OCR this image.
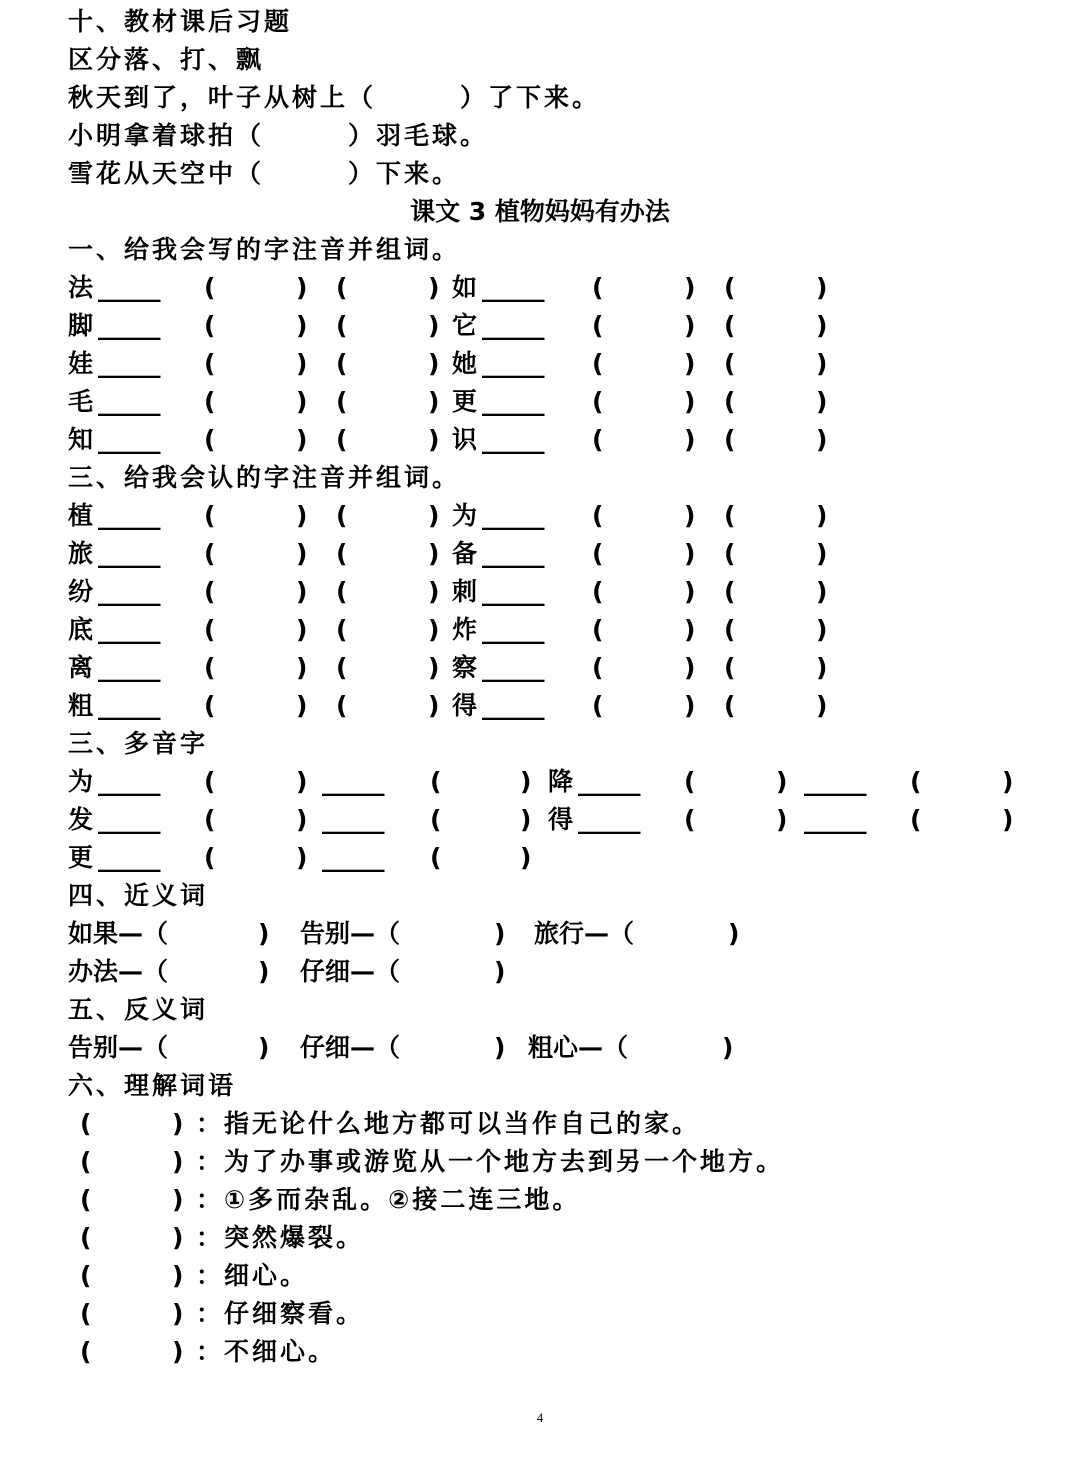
十、教材课后习题
区分落、打、飘
秋天到了，叶子从树上（　　　）了下来。
小明拿着球拍（　　　）羽毛球。
雪花从天空中（　　　）下来。
课文 3 植物妈妈有办法
一、给我会写的字注音并组词。
法 _____ (	) (	) 如 _____ (	) (	)
脚 _____ (	) (	) 它 _____ (	) (	)
娃 _____ (	) (	) 她 _____ (	) (	)
毛 _____ (	) (	) 更 _____ (	) (	)
知 _____ (	) (	) 识 _____ (	) (	)
三、给我会认的字注音并组词。
植 _____ (	) (	) 为 _____ (	) (	)
旅 _____ (	) (	) 备 _____ (	) (	)
纷 _____ (	) (	) 刺 _____ (	) (	)
底 _____ (	) (	) 炸 _____ (	) (	)
离 _____ (	) (	) 察 _____ (	) (	)
粗 _____ (	) (	) 得 _____ (	) (	)
三、多音字
为 _____ (	) _____ (	) 降 _____ (	) _____ (	)
发 _____ (	) _____ (	) 得 _____ (	) _____ (	)
更 _____ (	) _____ (	)
四、近义词
如果—（	) 告别—（	) 旅行—（	)
办法—（	) 仔细—（	)
五、反义词
告别—（	) 仔细—（	) 粗心—（	)
六、理解词语
(	) ： 指无论什么地方都可以当作自己的家。
(	) ： 为了办事或游览从一个地方去到另一个地方。
(	) ： ①多而杂乱。②接二连三地。
(	) ： 突然爆裂。
(	) ： 细心。
(	) ： 仔细察看。
(	) ： 不细心。
4
